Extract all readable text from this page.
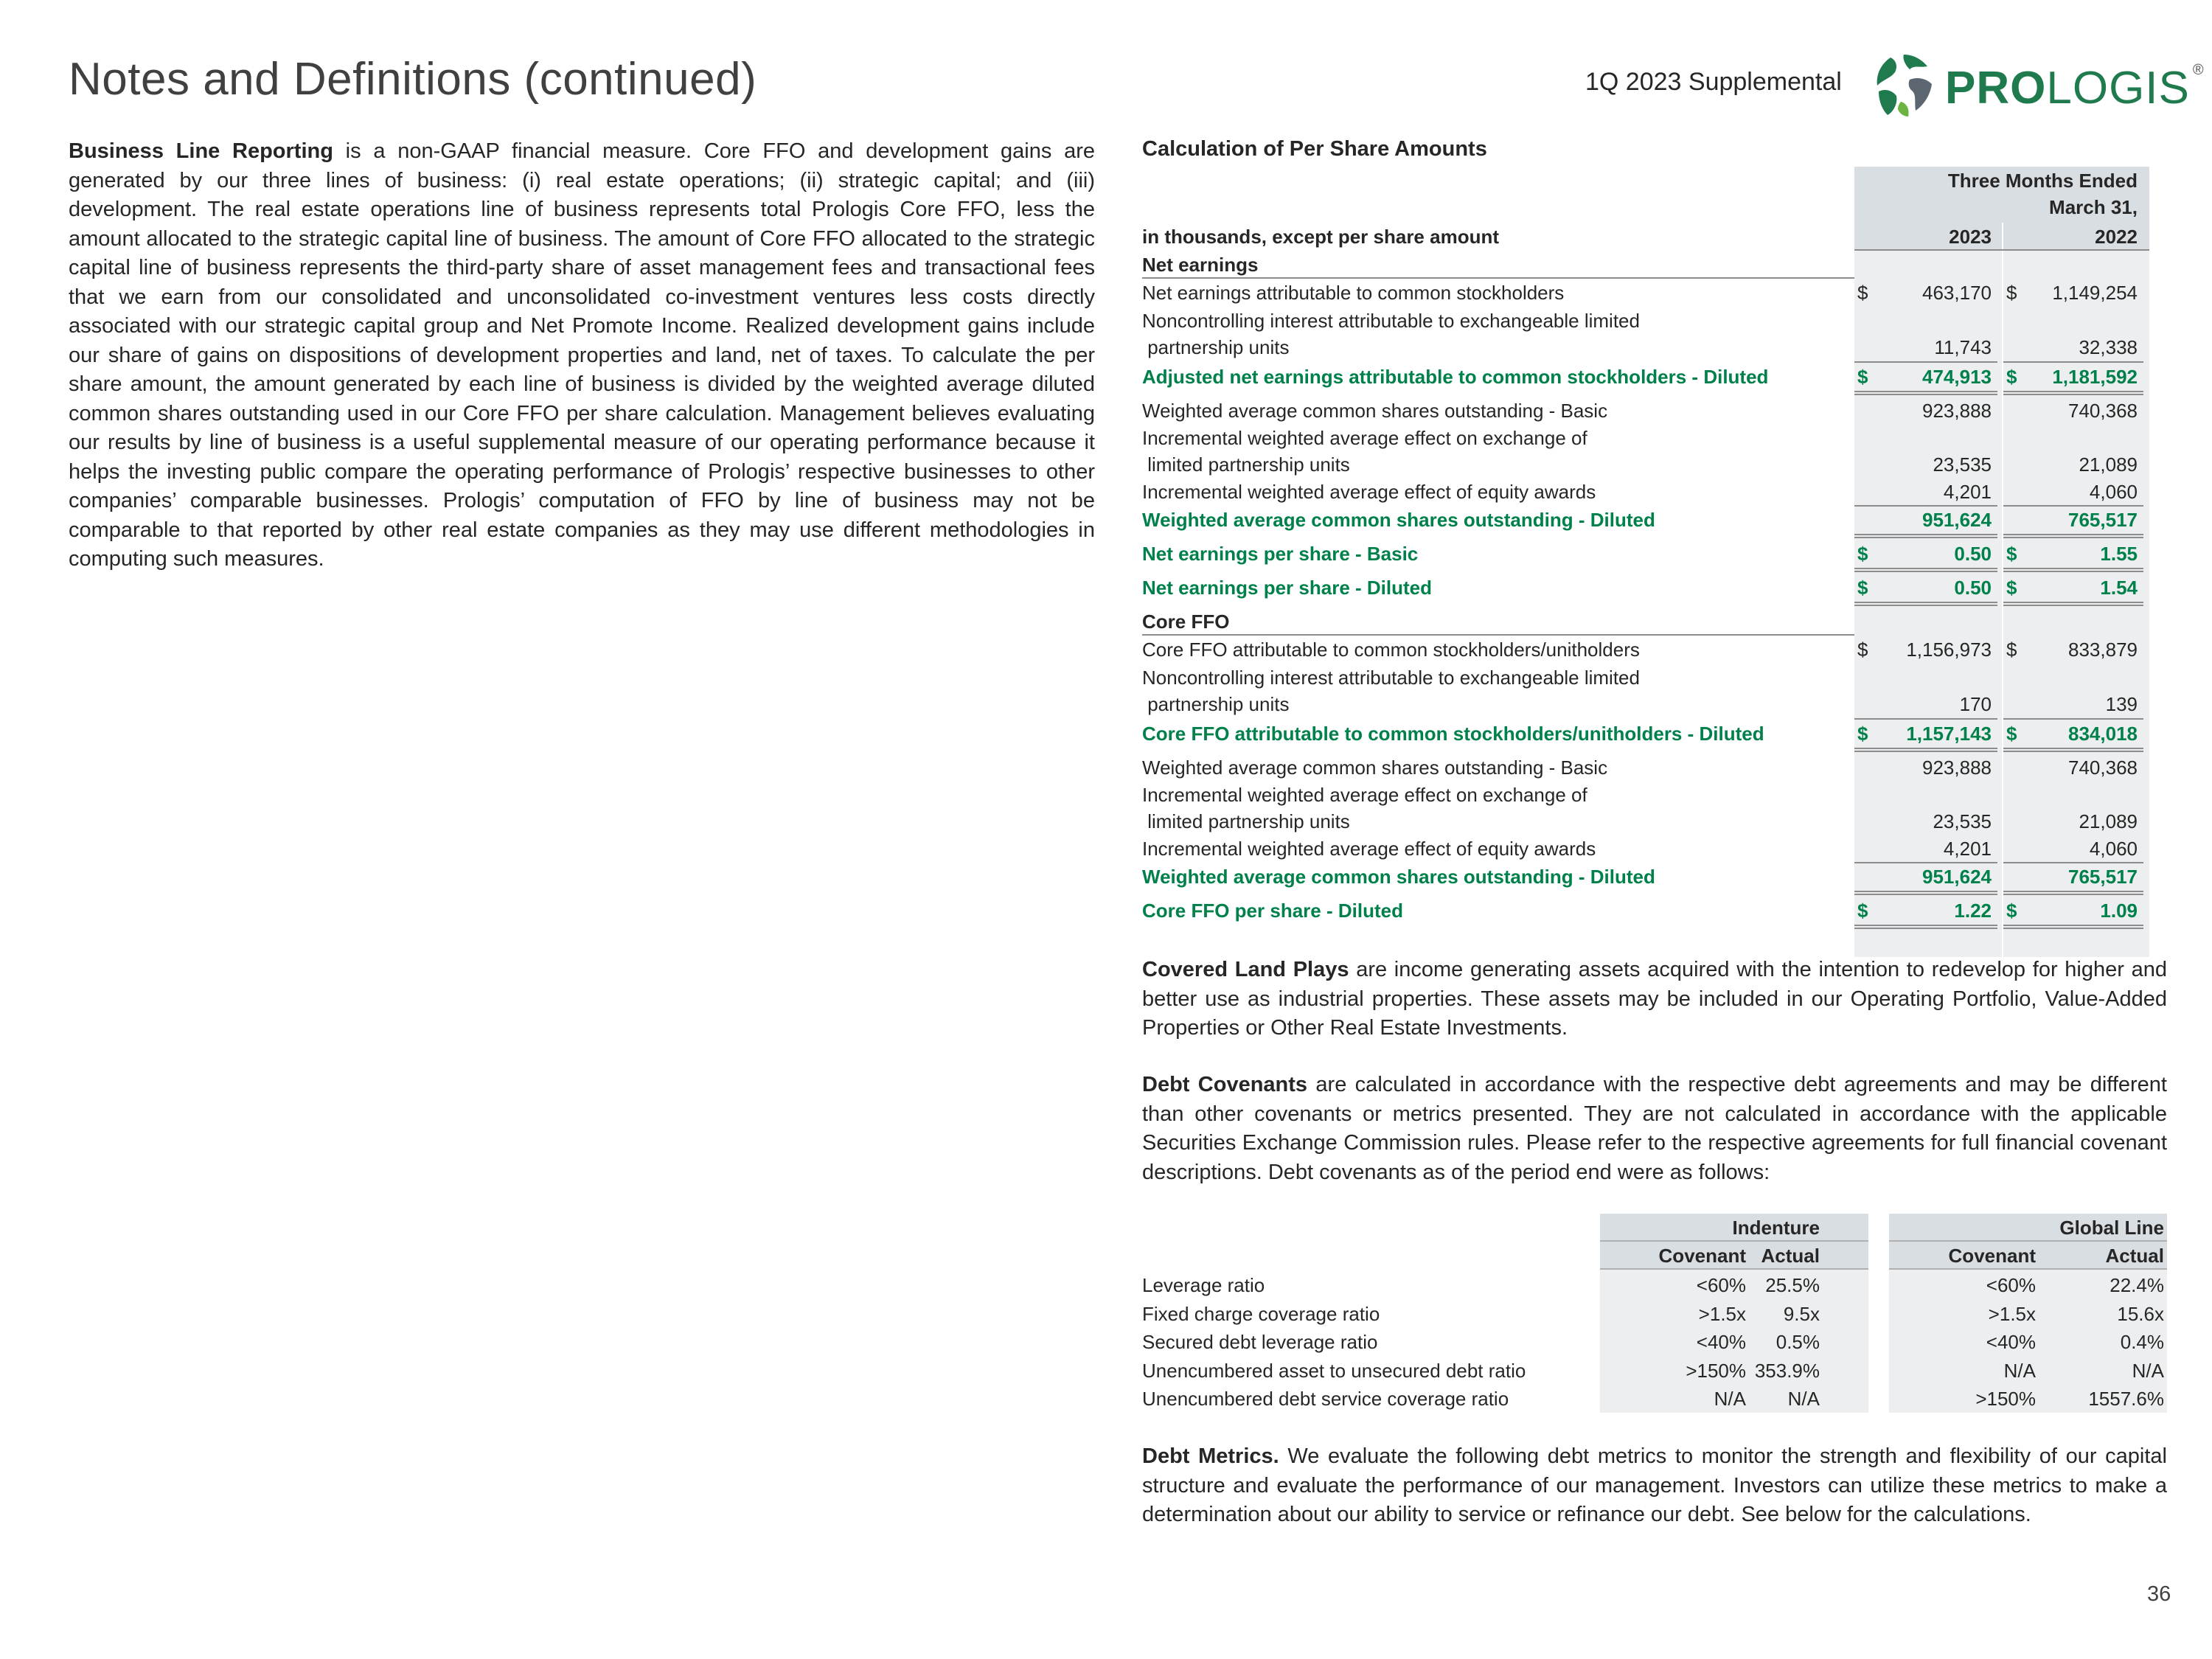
Notes and Definitions (continued)	1Q 2023 Supplemental PROLOGIS ®
Business Line Reporting is a non-GAAP financial measure. Core FFO and development gains are generated by our three lines of business: (i) real estate operations; (ii) strategic capital; and (iii) development. The real estate operations line of business represents total Prologis Core FFO, less the amount allocated to the strategic capital line of business. The amount of Core FFO allocated to the strategic capital line of business represents the third-party share of asset management fees and transactional fees that we earn from our consolidated and unconsolidated co-investment ventures less costs directly associated with our strategic capital group and Net Promote Income. Realized development gains include our share of gains on dispositions of development properties and land, net of taxes. To calculate the per share amount, the amount generated by each line of business is divided by the weighted average diluted common shares outstanding used in our Core FFO per share calculation. Management believes evaluating our results by line of business is a useful supplemental measure of our operating performance because it helps the investing public compare the operating performance of Prologis’ respective businesses to other companies’ comparable businesses. Prologis’ computation of FFO by line of business may not be comparable to that reported by other real estate companies as they may use different methodologies in computing such measures.
Calculation of Per Share Amounts
Three Months Ended
March 31,
in thousands, except per share amount	2023	2022
Net earnings
Net earnings attributable to common stockholders	$	463,170 $ 1,149,254
Noncontrolling interest attributable to exchangeable limited
partnership units	11,743	32,338
Adjusted net earnings attributable to common stockholders - Diluted	$	474,913 $ 1,181,592
Weighted average common shares outstanding - Basic	923,888	740,368
Incremental weighted average effect on exchange of
limited partnership units	23,535	21,089
Incremental weighted average effect of equity awards	4,201	4,060
Weighted average common shares outstanding - Diluted	951,624	765,517
Net earnings per share - Basic	$	0.50 $	1.55
Net earnings per share - Diluted	$	0.50 $	1.54
Core FFO
Core FFO attributable to common stockholders/unitholders	$ 1,156,973 $	833,879
Noncontrolling interest attributable to exchangeable limited
partnership units	170	139
Core FFO attributable to common stockholders/unitholders - Diluted	$ 1,157,143 $	834,018
Weighted average common shares outstanding - Basic	923,888	740,368
Incremental weighted average effect on exchange of
limited partnership units	23,535	21,089
Incremental weighted average effect of equity awards	4,201	4,060
Weighted average common shares outstanding - Diluted	951,624	765,517
Core FFO per share - Diluted	$	1.22 $	1.09
Covered Land Plays are income generating assets acquired with the intention to redevelop for higher and better use as industrial properties. These assets may be included in our Operating Portfolio, Value-Added Properties or Other Real Estate Investments.
Debt Covenants are calculated in accordance with the respective debt agreements and may be different than other covenants or metrics presented. They are not calculated in accordance with the applicable Securities Exchange Commission rules. Please refer to the respective agreements for full financial covenant descriptions. Debt covenants as of the period end were as follows:
Indenture	Global Line
Covenant Actual	Covenant	Actual
Leverage ratio	<60% 25.5%	<60%	22.4%
Fixed charge coverage ratio	>1.5x 9.5x	>1.5x	15.6x
Secured debt leverage ratio	<40% 0.5%	<40%	0.4%
Unencumbered asset to unsecured debt ratio	>150% 353.9%	N/A	N/A
Unencumbered debt service coverage ratio	N/A N/A	>150%	1557.6%
Debt Metrics. We evaluate the following debt metrics to monitor the strength and flexibility of our capital structure and evaluate the performance of our management. Investors can utilize these metrics to make a determination about our ability to service or refinance our debt. See below for the calculations.
36
